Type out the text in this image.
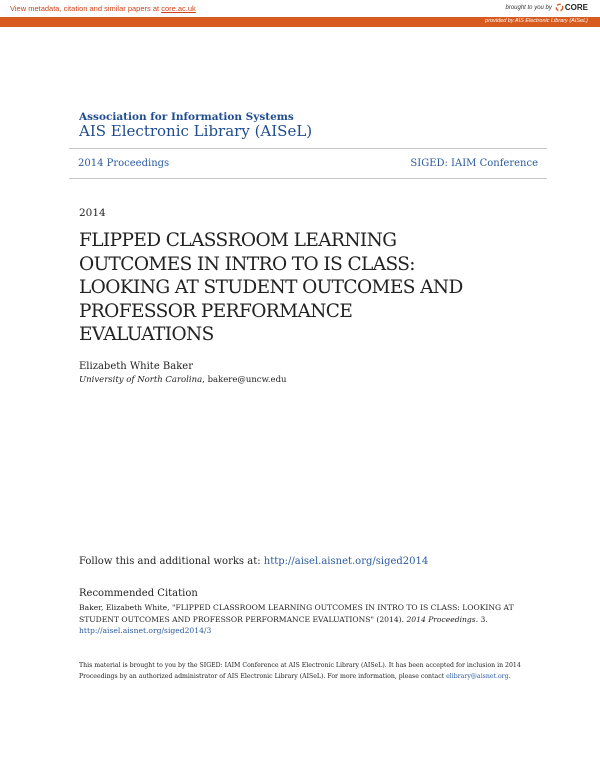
View metadata, citation and similar papers at core.ac.uk	brought to you by CORE
provided by AIS Electronic Library (AISeL)
Association for Information Systems
AIS Electronic Library (AISeL)
2014 Proceedings	SIGED: IAIM Conference
2014
FLIPPED CLASSROOM LEARNING
OUTCOMES IN INTRO TO IS CLASS:
LOOKING AT STUDENT OUTCOMES AND
PROFESSOR PERFORMANCE
EVALUATIONS
Elizabeth White Baker
University of North Carolina, bakere@uncw.edu
Follow this and additional works at: http://aisel.aisnet.org/siged2014
Recommended Citation
Baker, Elizabeth White, "FLIPPED CLASSROOM LEARNING OUTCOMES IN INTRO TO IS CLASS: LOOKING AT STUDENT OUTCOMES AND PROFESSOR PERFORMANCE EVALUATIONS" (2014). 2014 Proceedings. 3.
http://aisel.aisnet.org/siged2014/3
This material is brought to you by the SIGED: IAIM Conference at AIS Electronic Library (AISeL). It has been accepted for inclusion in 2014 Proceedings by an authorized administrator of AIS Electronic Library (AISeL). For more information, please contact elibrary@aisnet.org.
